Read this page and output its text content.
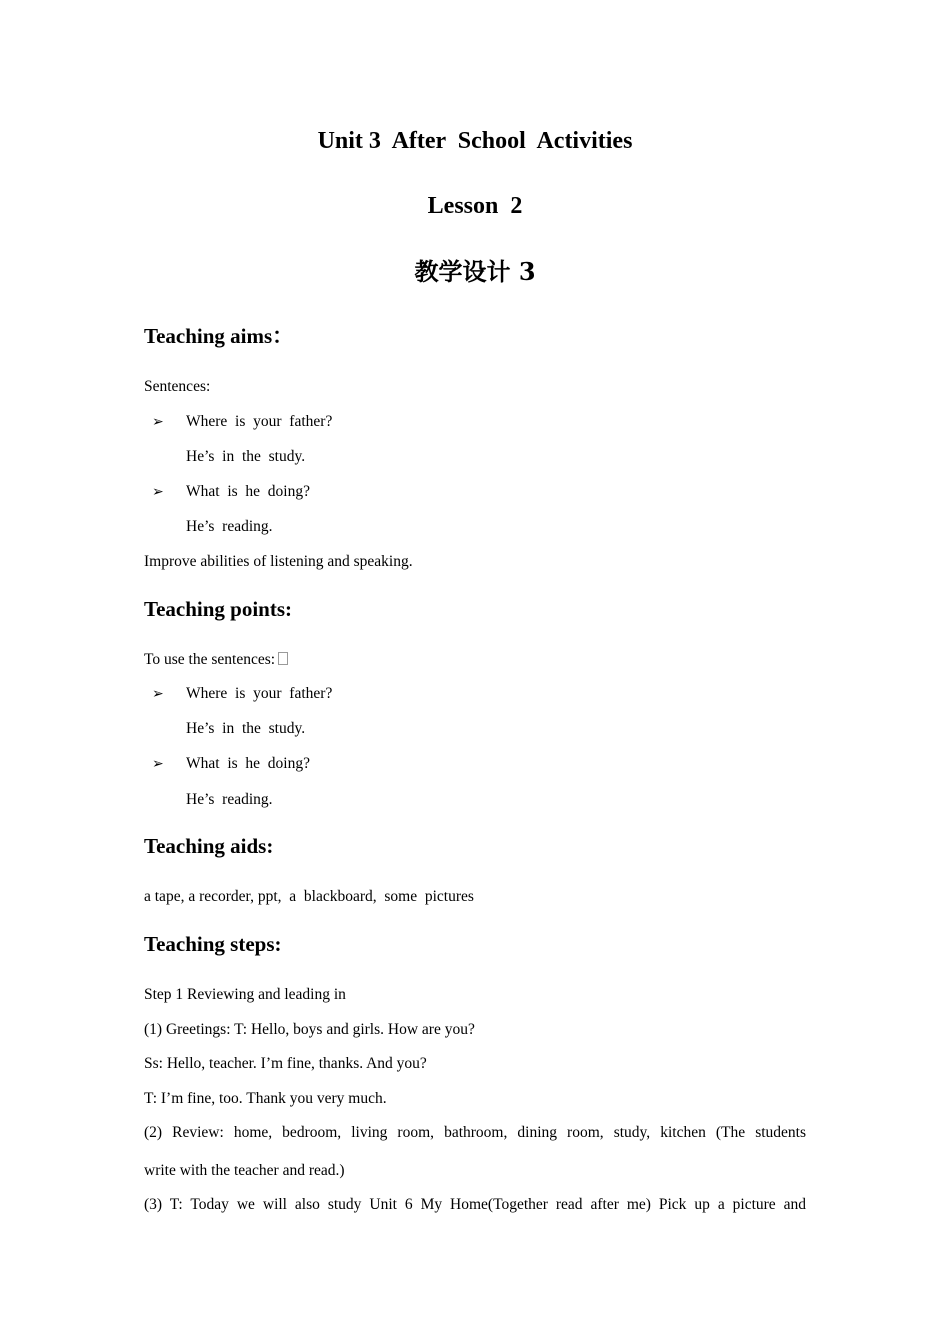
Unit 3  After  School  Activities
Lesson  2
教学设计 3
Teaching aims：
Sentences:
➢ Where  is  your  father?
He’s  in  the  study.
➢ What  is  he  doing?
He’s  reading.
Improve abilities of listening and speaking.
Teaching points:
To use the sentences:
➢ Where  is  your  father?
He’s  in  the  study.
➢ What  is  he  doing?
He’s  reading.
Teaching aids:
a tape, a recorder, ppt,  a  blackboard,  some  pictures
Teaching steps:
Step 1 Reviewing and leading in
(1) Greetings: T: Hello, boys and girls. How are you?
Ss: Hello, teacher. I’m fine, thanks. And you?
T: I’m fine, too. Thank you very much.
(2) Review: home, bedroom, living room, bathroom, dining room, study, kitchen (The students
write with the teacher and read.)
(3) T: Today we will also study Unit 6 My Home(Together read after me) Pick up a picture and
